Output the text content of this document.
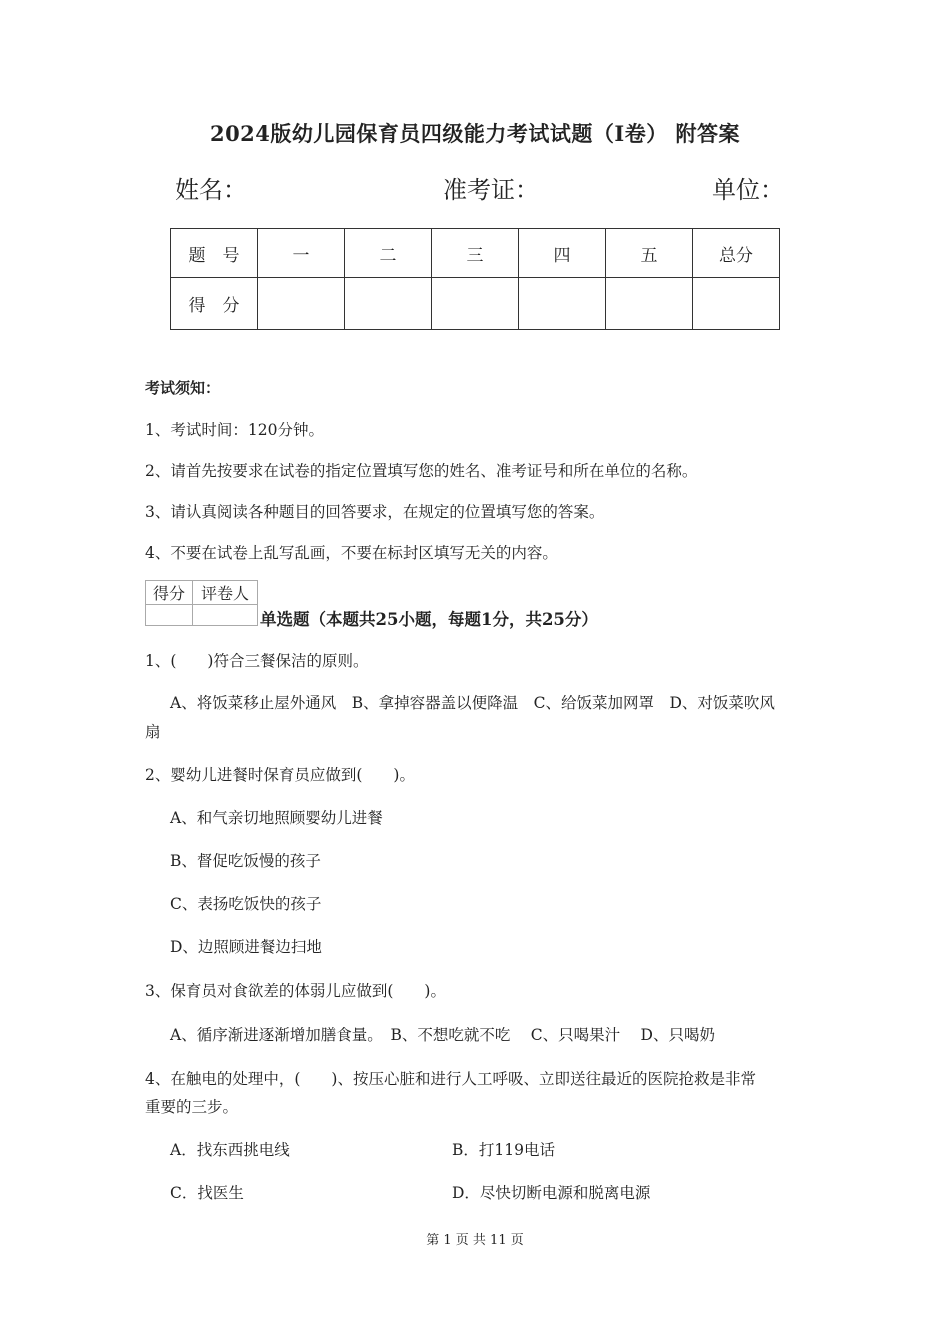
2024版幼儿园保育员四级能力考试试题（I卷） 附答案
姓名：	准考证：	单位：
题　号	一	二	三	四	五	总分
得　分						
考试须知：
1、考试时间：120分钟。
2、请首先按要求在试卷的指定位置填写您的姓名、准考证号和所在单位的名称。
3、请认真阅读各种题目的回答要求，在规定的位置填写您的答案。
4、不要在试卷上乱写乱画，不要在标封区填写无关的内容。
得分	评卷人

单选题（本题共25小题，每题1分，共25分）
1、(　　)符合三餐保洁的原则。
A、将饭菜移止屋外通风　B、拿掉容器盖以便降温　C、给饭菜加网罩　D、对饭菜吹风
扇
2、婴幼儿进餐时保育员应做到(　　)。
A、和气亲切地照顾婴幼儿进餐
B、督促吃饭慢的孩子
C、表扬吃饭快的孩子
D、边照顾进餐边扫地
3、保育员对食欲差的体弱儿应做到(　　)。
A、循序渐进逐渐增加膳食量。　B、不想吃就不吃　 C、只喝果汁　 D、只喝奶
4、在触电的处理中，(　　)、按压心脏和进行人工呼吸、立即送往最近的医院抢救是非常
重要的三步。
A．找东西挑电线	B．打119电话
C．找医生	D．尽快切断电源和脱离电源
第 1 页 共 11 页
